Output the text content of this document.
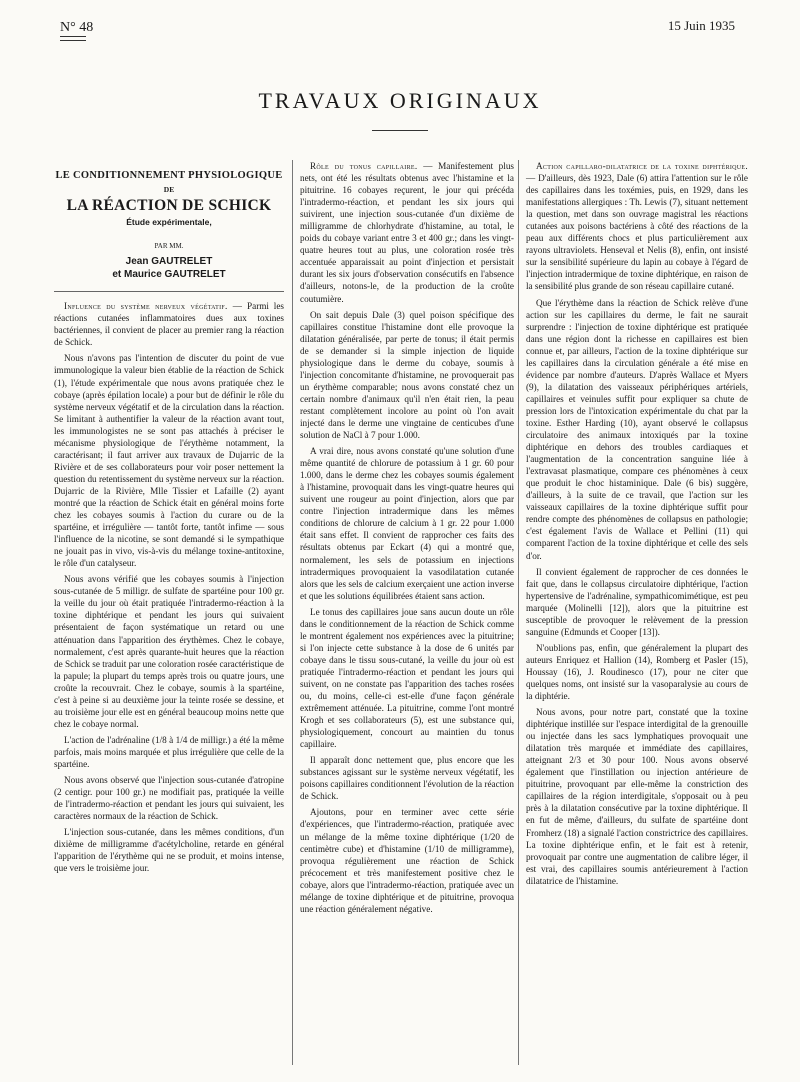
N° 48	15 Juin 1935
TRAVAUX ORIGINAUX
LE CONDITIONNEMENT PHYSIOLOGIQUE
DE
LA RÉACTION DE SCHICK
Étude expérimentale,
PAR MM.
Jean GAUTRELET
et Maurice GAUTRELET

Influence du système nerveux végétatif. — Parmi les réactions cutanées inflammatoires dues aux toxines bactériennes, il convient de placer au premier rang la réaction de Schick.

Nous n'avons pas l'intention de discuter du point de vue immunologique la valeur bien établie de la réaction de Schick (1), l'étude expérimentale que nous avons pratiquée chez le cobaye (après épilation locale) a pour but de définir le rôle du système nerveux végétatif et de la circulation dans la réaction. Se limitant à authentifier la valeur de la réaction avant tout, les immunologistes ne se sont pas attachés à préciser le mécanisme physiologique de l'érythème notamment, la caractérisant; il faut arriver aux travaux de Dujarric de la Rivière et de ses collaborateurs pour voir poser nettement la question du retentissement du système nerveux sur la réaction. Dujarric de la Rivière, Mlle Tissier et Lafaille (2) ayant montré que la réaction de Schick était en général moins forte chez les cobayes soumis à l'action du curare ou de la spartéine, et irrégulière — tantôt forte, tantôt infime — sous l'influence de la nicotine, se sont demandé si le sympathique ne jouait pas in vivo, vis-à-vis du mélange toxine-antitoxine, le rôle d'un catalyseur.

Nous avons vérifié que les cobayes soumis à l'injection sous-cutanée de 5 milligr. de sulfate de spartéine pour 100 gr. la veille du jour où était pratiquée l'intradermo-réaction à la toxine diphtérique et pendant les jours qui suivaient présentaient de façon systématique un retard ou une atténuation dans l'apparition des érythèmes. Chez le cobaye, normalement, c'est après quarante-huit heures que la réaction de Schick se traduit par une coloration rosée caractéristique de la papule; la plupart du temps après trois ou quatre jours, une croûte la recouvrait. Chez le cobaye, soumis à la spartéine, c'est à peine si au deuxième jour la teinte rosée se dessine, et au troisième jour elle est en général beaucoup moins nette que chez le cobaye normal.

L'action de l'adrénaline (1/8 à 1/4 de milligr.) a été la même parfois, mais moins marquée et plus irrégulière que celle de la spartéine.

Nous avons observé que l'injection sous-cutanée d'atropine (2 centigr. pour 100 gr.) ne modifiait pas, pratiquée la veille de l'intradermo-réaction et pendant les jours qui suivaient, les caractères normaux de la réaction de Schick.

L'injection sous-cutanée, dans les mêmes conditions, d'un dixième de milligramme d'acétylcholine, retarde en général l'apparition de l'érythème qui ne se produit, et moins intense, que vers le troisième jour.

Rôle du tonus capillaire. — Manifestement plus nets, ont été les résultats obtenus avec l'histamine et la pituitrine. 16 cobayes reçurent, le jour qui précéda l'intradermo-réaction, et pendant les six jours qui suivirent, une injection sous-cutanée d'un dixième de milligramme de chlorhydrate d'histamine, au total, le poids du cobaye variant entre 3 et 400 gr.; dans les vingt-quatre heures tout au plus, une coloration rosée très accentuée apparaissait au point d'injection et persistait durant les six jours d'observation consécutifs en l'absence d'ailleurs, notons-le, de la production de la croûte coutumière.

On sait depuis Dale (3) quel poison spécifique des capillaires constitue l'histamine dont elle provoque la dilatation généralisée, par perte de tonus; il était permis de se demander si la simple injection de liquide physiologique dans le derme du cobaye, soumis à l'injection concomitante d'histamine, ne provoquerait pas un érythème comparable; nous avons constaté chez un certain nombre d'animaux qu'il n'en était rien, la peau restant complètement incolore au point où l'on avait injecté dans le derme une vingtaine de centicubes d'une solution de NaCl à 7 pour 1.000.

A vrai dire, nous avons constaté qu'une solution d'une même quantité de chlorure de potassium à 1 gr. 60 pour 1.000, dans le derme chez les cobayes soumis également à l'histamine, provoquait dans les vingt-quatre heures qui suivent une rougeur au point d'injection, alors que par contre l'injection intradermique dans les mêmes conditions de chlorure de calcium à 1 gr. 22 pour 1.000 était sans effet. Il convient de rapprocher ces faits des résultats obtenus par Eckart (4) qui a montré que, normalement, les sels de potassium en injections intradermiques provoquaient la vasodilatation cutanée alors que les sels de calcium exerçaient une action inverse et que les solutions équilibrées étaient sans action.

Le tonus des capillaires joue sans aucun doute un rôle dans le conditionnement de la réaction de Schick comme le montrent également nos expériences avec la pituitrine; si l'on injecte cette substance à la dose de 6 unités par cobaye dans le tissu sous-cutané, la veille du jour où est pratiquée l'intradermo-réaction et pendant les jours qui suivent, on ne constate pas l'apparition des taches rosées ou, du moins, celle-ci est-elle d'une façon générale extrêmement atténuée. La pituitrine, comme l'ont montré Krogh et ses collaborateurs (5), est une substance qui, physiologiquement, concourt au maintien du tonus capillaire.

Il apparaît donc nettement que, plus encore que les substances agissant sur le système nerveux végétatif, les poisons capillaires conditionnent l'évolution de la réaction de Schick.

Ajoutons, pour en terminer avec cette série d'expériences, que l'intradermo-réaction, pratiquée avec un mélange de la même toxine diphtérique (1/20 de centimètre cube) et d'histamine (1/10 de milligramme), provoqua régulièrement une réaction de Schick précocement et très manifestement positive chez le cobaye, alors que l'intradermo-réaction, pratiquée avec un mélange de toxine diphtérique et de pituitrine, provoqua une réaction généralement négative.

Action capillaro-dilatatrice de la toxine diphtérique. — D'ailleurs, dès 1923, Dale (6) attira l'attention sur le rôle des capillaires dans les toxémies, puis, en 1929, dans les manifestations allergiques : Th. Lewis (7), situant nettement la question, met dans son ouvrage magistral les réactions cutanées aux poisons bactériens à côté des réactions de la peau aux différents chocs et plus particulièrement aux rayons ultraviolets. Henseval et Nelis (8), enfin, ont insisté sur la sensibilité supérieure du lapin au cobaye à l'égard de l'injection intradermique de toxine diphtérique, en raison de la sensibilité plus grande de son réseau capillaire cutané.

Que l'érythème dans la réaction de Schick relève d'une action sur les capillaires du derme, le fait ne saurait surprendre : l'injection de toxine diphtérique est pratiquée dans une région dont la richesse en capillaires est bien connue et, par ailleurs, l'action de la toxine diphtérique sur les capillaires dans la circulation générale a été mise en évidence par nombre d'auteurs. D'après Wallace et Myers (9), la dilatation des vaisseaux périphériques artériels, capillaires et veinules suffit pour expliquer sa chute de pression lors de l'intoxication expérimentale du chat par la toxine. Esther Harding (10), ayant observé le collapsus circulatoire des animaux intoxiqués par la toxine diphtérique en dehors des troubles cardiaques et l'augmentation de la concentration sanguine liée à l'extravasat plasmatique, compare ces phénomènes à ceux que produit le choc histaminique. Dale (6 bis) suggère, d'ailleurs, à la suite de ce travail, que l'action sur les vaisseaux capillaires de la toxine diphtérique suffit pour rendre compte des phénomènes de collapsus en pathologie; c'est également l'avis de Wallace et Pellini (11) qui comparent l'action de la toxine diphtérique et celle des sels d'or.

Il convient également de rapprocher de ces données le fait que, dans le collapsus circulatoire diphtérique, l'action hypertensive de l'adrénaline, sympathicomimétique, est peu marquée (Molinelli [12]), alors que la pituitrine est susceptible de provoquer le relèvement de la pression sanguine (Edmunds et Cooper [13]).

N'oublions pas, enfin, que généralement la plupart des auteurs Enriquez et Hallion (14), Romberg et Pasler (15), Houssay (16), J. Roudinesco (17), pour ne citer que quelques noms, ont insisté sur la vasoparalysie au cours de la diphtérie.

Nous avons, pour notre part, constaté que la toxine diphtérique instillée sur l'espace interdigital de la grenouille ou injectée dans les sacs lymphatiques provoquait une dilatation très marquée et immédiate des capillaires, atteignant 2/3 et 30 pour 100. Nous avons observé également que l'instillation ou injection antérieure de pituitrine, provoquant par elle-même la constriction des capillaires de la région interdigitale, s'opposait ou à peu près à la dilatation consécutive par la toxine diphtérique. Il en fut de même, d'ailleurs, du sulfate de spartéine dont Fromherz (18) a signalé l'action constrictrice des capillaires. La toxine diphtérique enfin, et le fait est à retenir, provoquait par contre une augmentation de calibre léger, il est vrai, des capillaires soumis antérieurement à l'action dilatatrice de l'histamine.
